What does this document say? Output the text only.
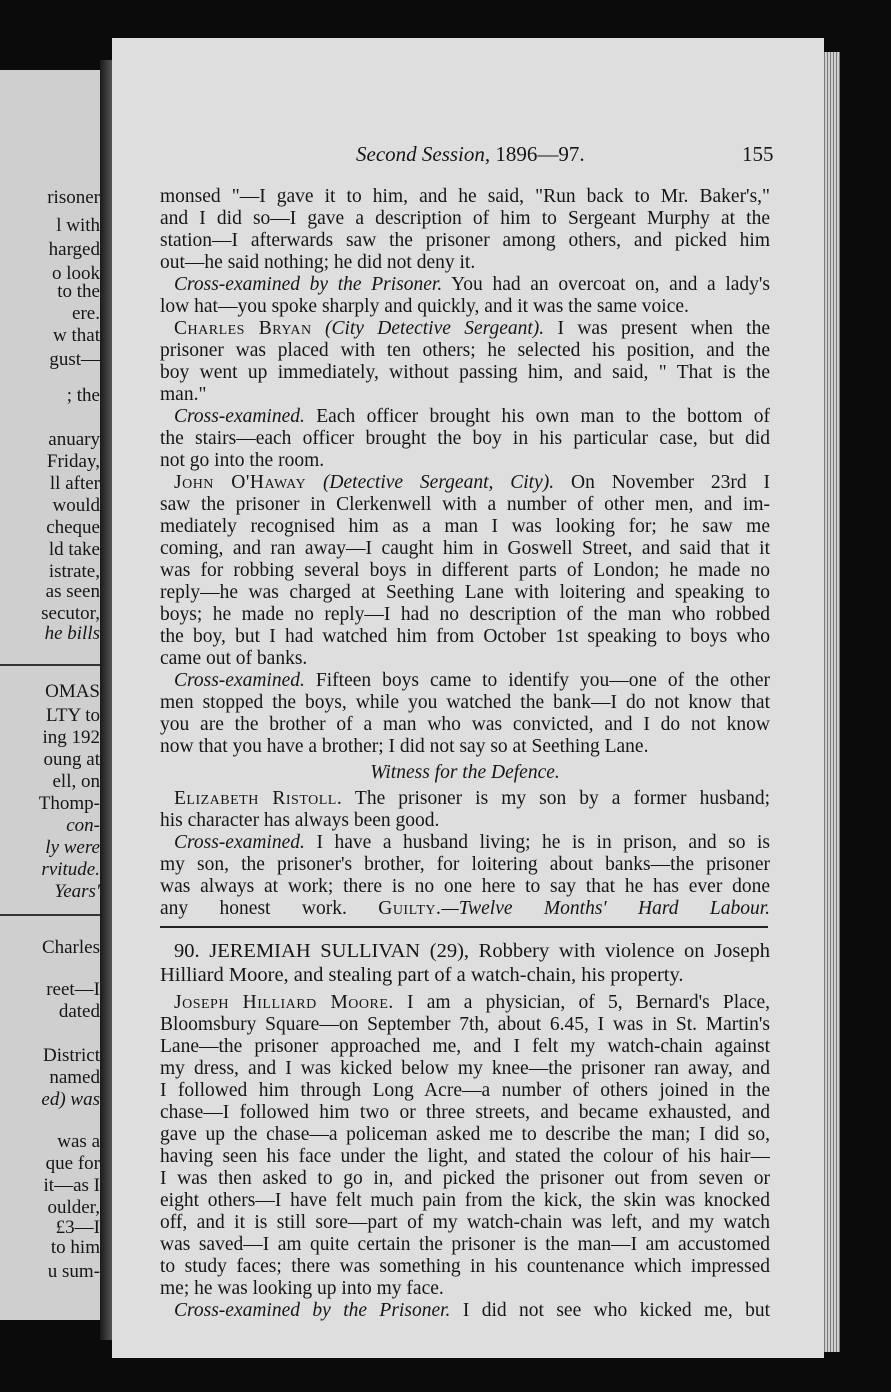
risoner
l with
harged
o look
to the
ere.
w that
gust—
; the
anuary
Friday,
ll after
would
cheque
ld take
istrate,
as seen
secutor,
he bills
OMAS
LTY to
ing 192
oung at
ell, on
Thomp-
con-
ly were
rvitude.
Years'
Charles
reet—I
dated
District
named
ed) was
was a
que for
it—as I
oulder,
£3—I
to him
u sum-
Second Session, 1896—97.	155
monsed "—I gave it to him, and he said, "Run back to Mr. Baker's,"
and I did so—I gave a description of him to Sergeant Murphy at the
station—I afterwards saw the prisoner among others, and picked him
out—he said nothing; he did not deny it.
Cross-examined by the Prisoner. You had an overcoat on, and a lady's
low hat—you spoke sharply and quickly, and it was the same voice.
Charles Bryan (City Detective Sergeant). I was present when the
prisoner was placed with ten others; he selected his position, and the
boy went up immediately, without passing him, and said, " That is the
man."
Cross-examined. Each officer brought his own man to the bottom of
the stairs—each officer brought the boy in his particular case, but did
not go into the room.
John O'Haway (Detective Sergeant, City). On November 23rd I
saw the prisoner in Clerkenwell with a number of other men, and im-
mediately recognised him as a man I was looking for; he saw me
coming, and ran away—I caught him in Goswell Street, and said that it
was for robbing several boys in different parts of London; he made no
reply—he was charged at Seething Lane with loitering and speaking to
boys; he made no reply—I had no description of the man who robbed
the boy, but I had watched him from October 1st speaking to boys who
came out of banks.
Cross-examined. Fifteen boys came to identify you—one of the other
men stopped the boys, while you watched the bank—I do not know that
you are the brother of a man who was convicted, and I do not know
now that you have a brother; I did not say so at Seething Lane.
Witness for the Defence.
Elizabeth Ristoll. The prisoner is my son by a former husband;
his character has always been good.
Cross-examined. I have a husband living; he is in prison, and so is
my son, the prisoner's brother, for loitering about banks—the prisoner
was always at work; there is no one here to say that he has ever done
any honest work. Guilty.—Twelve Months' Hard Labour.
90. JEREMIAH SULLIVAN (29), Robbery with violence on Joseph
Hilliard Moore, and stealing part of a watch-chain, his property.
Joseph Hilliard Moore. I am a physician, of 5, Bernard's Place,
Bloomsbury Square—on September 7th, about 6.45, I was in St. Martin's
Lane—the prisoner approached me, and I felt my watch-chain against
my dress, and I was kicked below my knee—the prisoner ran away, and
I followed him through Long Acre—a number of others joined in the
chase—I followed him two or three streets, and became exhausted, and
gave up the chase—a policeman asked me to describe the man; I did so,
having seen his face under the light, and stated the colour of his hair—
I was then asked to go in, and picked the prisoner out from seven or
eight others—I have felt much pain from the kick, the skin was knocked
off, and it is still sore—part of my watch-chain was left, and my watch
was saved—I am quite certain the prisoner is the man—I am accustomed
to study faces; there was something in his countenance which impressed
me; he was looking up into my face.
Cross-examined by the Prisoner. I did not see who kicked me, but
